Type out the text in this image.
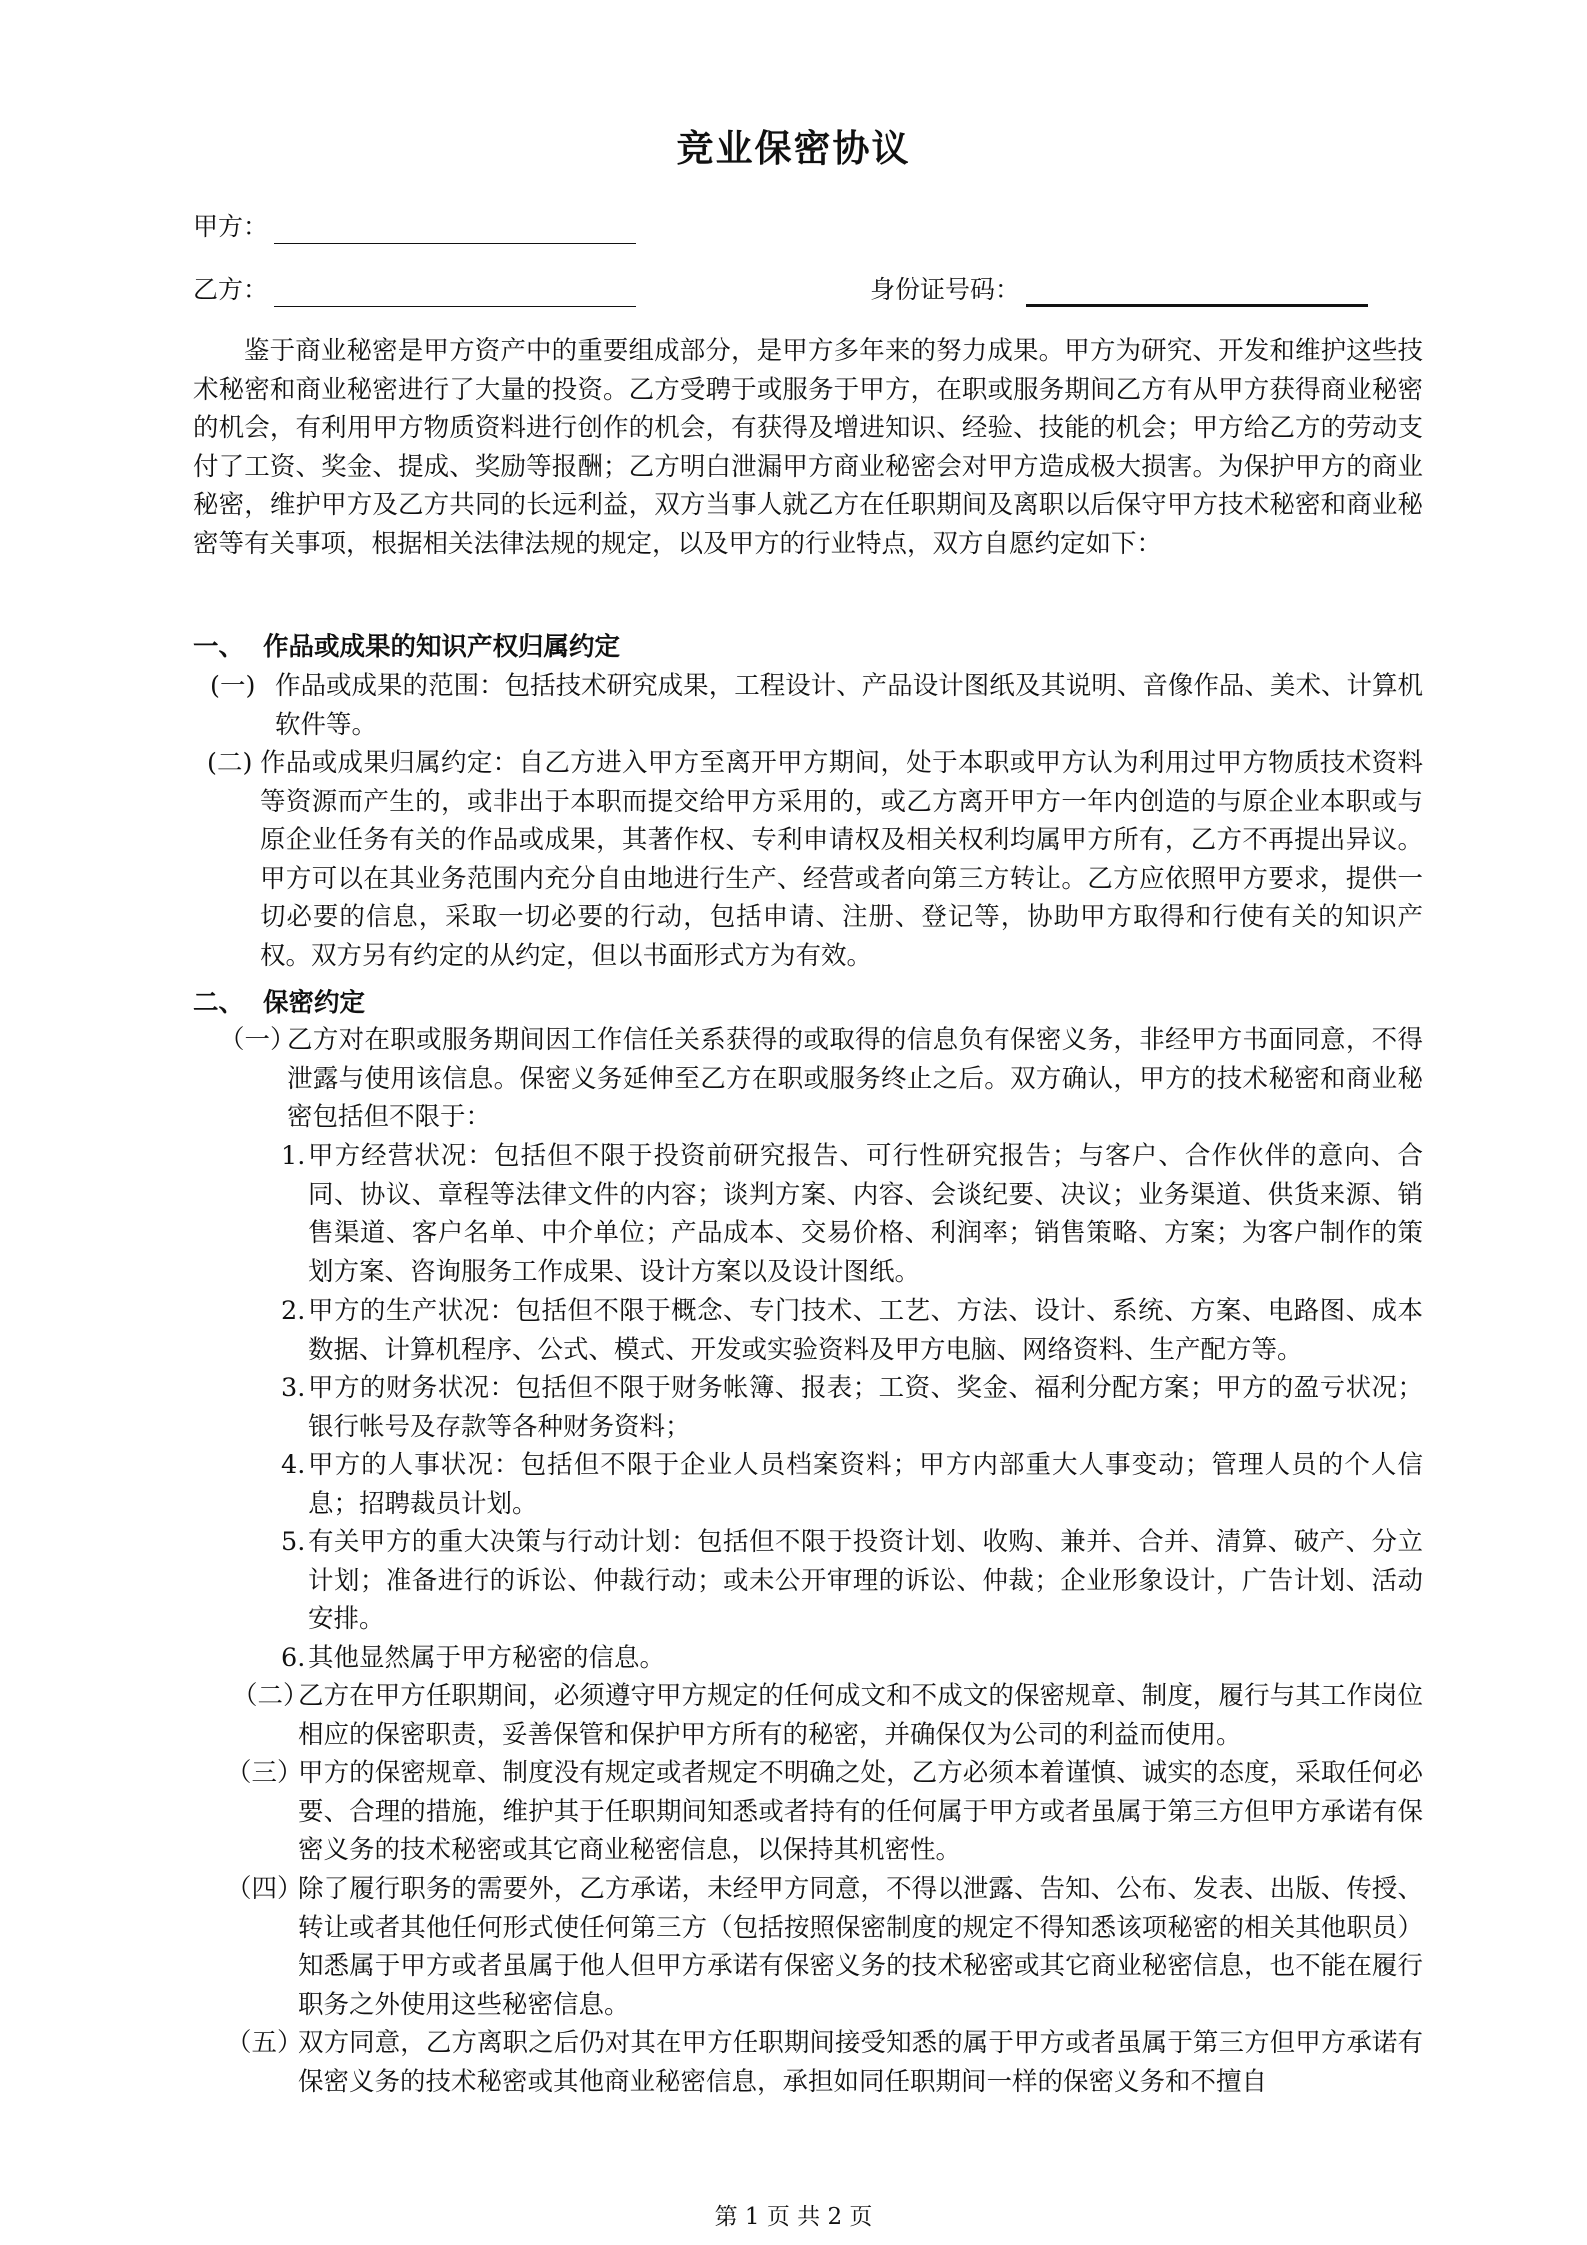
竞业保密协议
甲方：
乙方：	身份证号码：
鉴于商业秘密是甲方资产中的重要组成部分，是甲方多年来的努力成果。甲方为研究、开发和维护这些技术秘密和商业秘密进行了大量的投资。乙方受聘于或服务于甲方，在职或服务期间乙方有从甲方获得商业秘密的机会，有利用甲方物质资料进行创作的机会，有获得及增进知识、经验、技能的机会；甲方给乙方的劳动支付了工资、奖金、提成、奖励等报酬；乙方明白泄漏甲方商业秘密会对甲方造成极大损害。为保护甲方的商业秘密，维护甲方及乙方共同的长远利益，双方当事人就乙方在任职期间及离职以后保守甲方技术秘密和商业秘密等有关事项，根据相关法律法规的规定，以及甲方的行业特点，双方自愿约定如下：
一、 作品或成果的知识产权归属约定
(一) 作品或成果的范围：包括技术研究成果，工程设计、产品设计图纸及其说明、音像作品、美术、计算机软件等。
(二) 作品或成果归属约定：自乙方进入甲方至离开甲方期间，处于本职或甲方认为利用过甲方物质技术资料等资源而产生的，或非出于本职而提交给甲方采用的，或乙方离开甲方一年内创造的与原企业本职或与原企业任务有关的作品或成果，其著作权、专利申请权及相关权利均属甲方所有，乙方不再提出异议。甲方可以在其业务范围内充分自由地进行生产、经营或者向第三方转让。乙方应依照甲方要求，提供一切必要的信息，采取一切必要的行动，包括申请、注册、登记等，协助甲方取得和行使有关的知识产权。双方另有约定的从约定，但以书面形式方为有效。
二、 保密约定
（一）
乙方对在职或服务期间因工作信任关系获得的或取得的信息负有保密义务，非经甲方书面同意，不得泄露与使用该信息。保密义务延伸至乙方在职或服务终止之后。双方确认，甲方的技术秘密和商业秘密包括但不限于：
1. 甲方经营状况：包括但不限于投资前研究报告、可行性研究报告；与客户、合作伙伴的意向、合同、协议、章程等法律文件的内容；谈判方案、内容、会谈纪要、决议；业务渠道、供货来源、销售渠道、客户名单、中介单位；产品成本、交易价格、利润率；销售策略、方案；为客户制作的策划方案、咨询服务工作成果、设计方案以及设计图纸。
2. 甲方的生产状况：包括但不限于概念、专门技术、工艺、方法、设计、系统、方案、电路图、成本数据、计算机程序、公式、模式、开发或实验资料及甲方电脑、网络资料、生产配方等。
3. 甲方的财务状况：包括但不限于财务帐簿、报表；工资、奖金、福利分配方案；甲方的盈亏状况；银行帐号及存款等各种财务资料；
4. 甲方的人事状况：包括但不限于企业人员档案资料；甲方内部重大人事变动；管理人员的个人信息；招聘裁员计划。
5. 有关甲方的重大决策与行动计划：包括但不限于投资计划、收购、兼并、合并、清算、破产、分立计划；准备进行的诉讼、仲裁行动；或未公开审理的诉讼、仲裁；企业形象设计，广告计划、活动安排。
6. 其他显然属于甲方秘密的信息。
（二）
乙方在甲方任职期间，必须遵守甲方规定的任何成文和不成文的保密规章、制度，履行与其工作岗位相应的保密职责，妥善保管和保护甲方所有的秘密，并确保仅为公司的利益而使用。
（三）
甲方的保密规章、制度没有规定或者规定不明确之处，乙方必须本着谨慎、诚实的态度，采取任何必要、合理的措施，维护其于任职期间知悉或者持有的任何属于甲方或者虽属于第三方但甲方承诺有保密义务的技术秘密或其它商业秘密信息，以保持其机密性。
（四）
除了履行职务的需要外，乙方承诺，未经甲方同意，不得以泄露、告知、公布、发表、出版、传授、转让或者其他任何形式使任何第三方（包括按照保密制度的规定不得知悉该项秘密的相关其他职员）知悉属于甲方或者虽属于他人但甲方承诺有保密义务的技术秘密或其它商业秘密信息，也不能在履行职务之外使用这些秘密信息。
（五）
双方同意，乙方离职之后仍对其在甲方任职期间接受知悉的属于甲方或者虽属于第三方但甲方承诺有保密义务的技术秘密或其他商业秘密信息，承担如同任职期间一样的保密义务和不擅自
第 1 页 共 2 页
